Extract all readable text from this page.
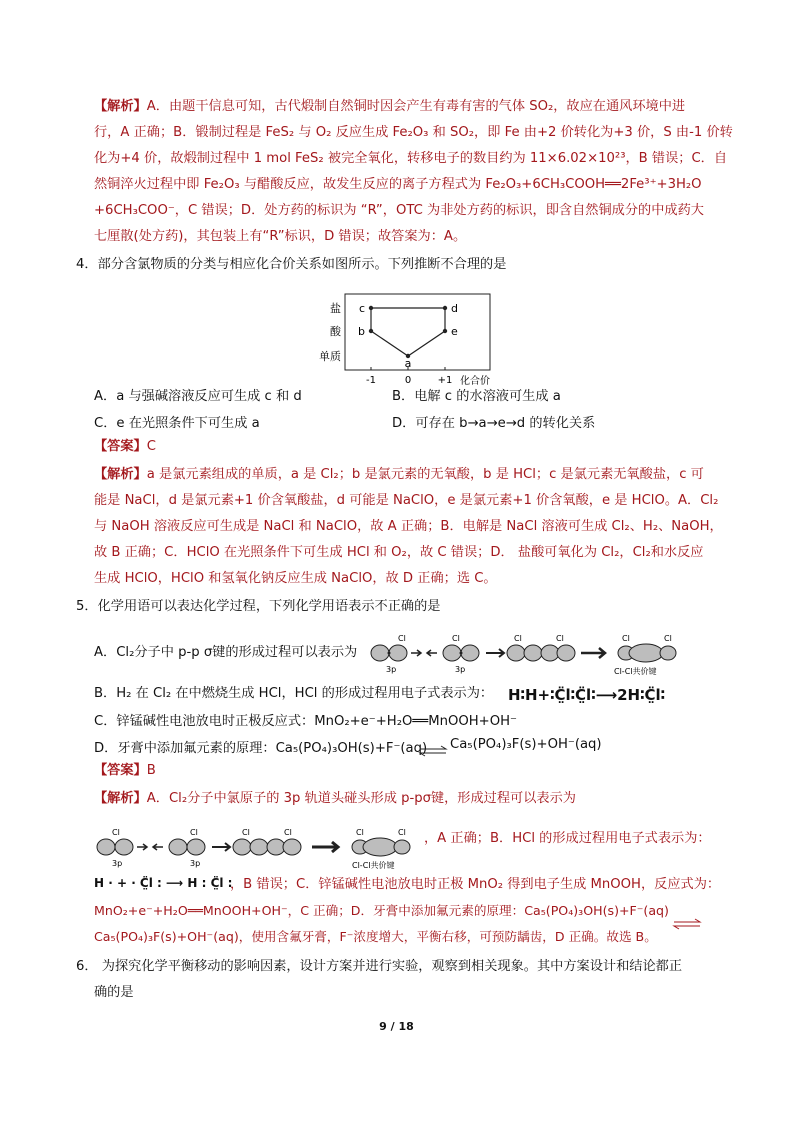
【解析】A．由题干信息可知，古代煅制自然铜时因会产生有毒有害的气体 SO₂，故应在通风环境中进
行，A 正确；B．锻制过程是 FeS₂ 与 O₂ 反应生成 Fe₂O₃ 和 SO₂，即 Fe 由+2 价转化为+3 价，S 由-1 价转
化为+4 价，故煅制过程中 1 mol FeS₂ 被完全氧化，转移电子的数目约为 11×6.02×10²³，B 错误；C．自
然铜淬火过程中即 Fe₂O₃ 与醋酸反应，故发生反应的离子方程式为 Fe₂O₃+6CH₃COOH══2Fe³⁺+3H₂O
+6CH₃COO⁻，C 错误；D．处方药的标识为 “R”，OTC 为非处方药的标识，即含自然铜成分的中成药大
七厘散(处方药)，其包装上有“R”标识，D 错误；故答案为：A。
4．部分含氯物质的分类与相应化合价关系如图所示。下列推断不合理的是
单质
酸
盐
-1	0	+1 化合价
a
b
c	d
e
A．a 与强碱溶液反应可生成 c 和 d	B．电解 c 的水溶液可生成 a
C．e 在光照条件下可生成 a	D．可存在 b→a→e→d 的转化关系
【答案】C
【解析】a 是氯元素组成的单质，a 是 Cl₂；b 是氯元素的无氧酸，b 是 HCl；c 是氯元素无氧酸盐，c 可
能是 NaCl，d 是氯元素+1 价含氧酸盐，d 可能是 NaClO，e 是氯元素+1 价含氧酸，e 是 HClO。A．Cl₂
与 NaOH 溶液反应可生成是 NaCl 和 NaClO，故 A 正确；B．电解是 NaCl 溶液可生成 Cl₂、H₂、NaOH，
故 B 正确；C．HClO 在光照条件下可生成 HCl 和 O₂，故 C 错误；D． 盐酸可氧化为 Cl₂，Cl₂和水反应
生成 HClO，HClO 和氢氧化钠反应生成 NaClO，故 D 正确；选 C。
5．化学用语可以表达化学过程，下列化学用语表示不正确的是
A．Cl₂分子中 p-p σ键的形成过程可以表示为
Cl	Cl	Cl	Cl	Cl	Cl
3p	3p	Cl-Cl共价键
B．H₂ 在 Cl₂ 在中燃烧生成 HCl，HCl 的形成过程用电子式表示为： H∶H+∶C̤̈l∶C̤̈l∶⟶2H∶C̤̈l∶
C．锌锰碱性电池放电时正极反应式：MnO₂+e⁻+H₂O══MnOOH+OH⁻
D．牙膏中添加氟元素的原理：Ca₅(PO₄)₃OH(s)+F⁻(aq) ⇌ Ca₅(PO₄)₃F(s)+OH⁻(aq)
【答案】B
【解析】A．Cl₂分子中氯原子的 3p 轨道头碰头形成 p-pσ键，形成过程可以表示为
Cl	Cl	Cl	Cl	Cl	Cl
3p	3p	Cl-Cl共价键
，A 正确；B．HCl 的形成过程用电子式表示为：
H · + · C̤̈l : ⟶ H : C̤̈l :
，B 错误；C．锌锰碱性电池放电时正极 MnO₂ 得到电子生成 MnOOH，反应式为：
MnO₂+e⁻+H₂O══MnOOH+OH⁻，C 正确；D．牙膏中添加氟元素的原理：Ca₅(PO₄)₃OH(s)+F⁻(aq)
Ca₅(PO₄)₃F(s)+OH⁻(aq)，使用含氟牙膏，F⁻浓度增大，平衡右移，可预防龋齿，D 正确。故选 B。
6． 为探究化学平衡移动的影响因素，设计方案并进行实验，观察到相关现象。其中方案设计和结论都正
确的是
9 / 18
